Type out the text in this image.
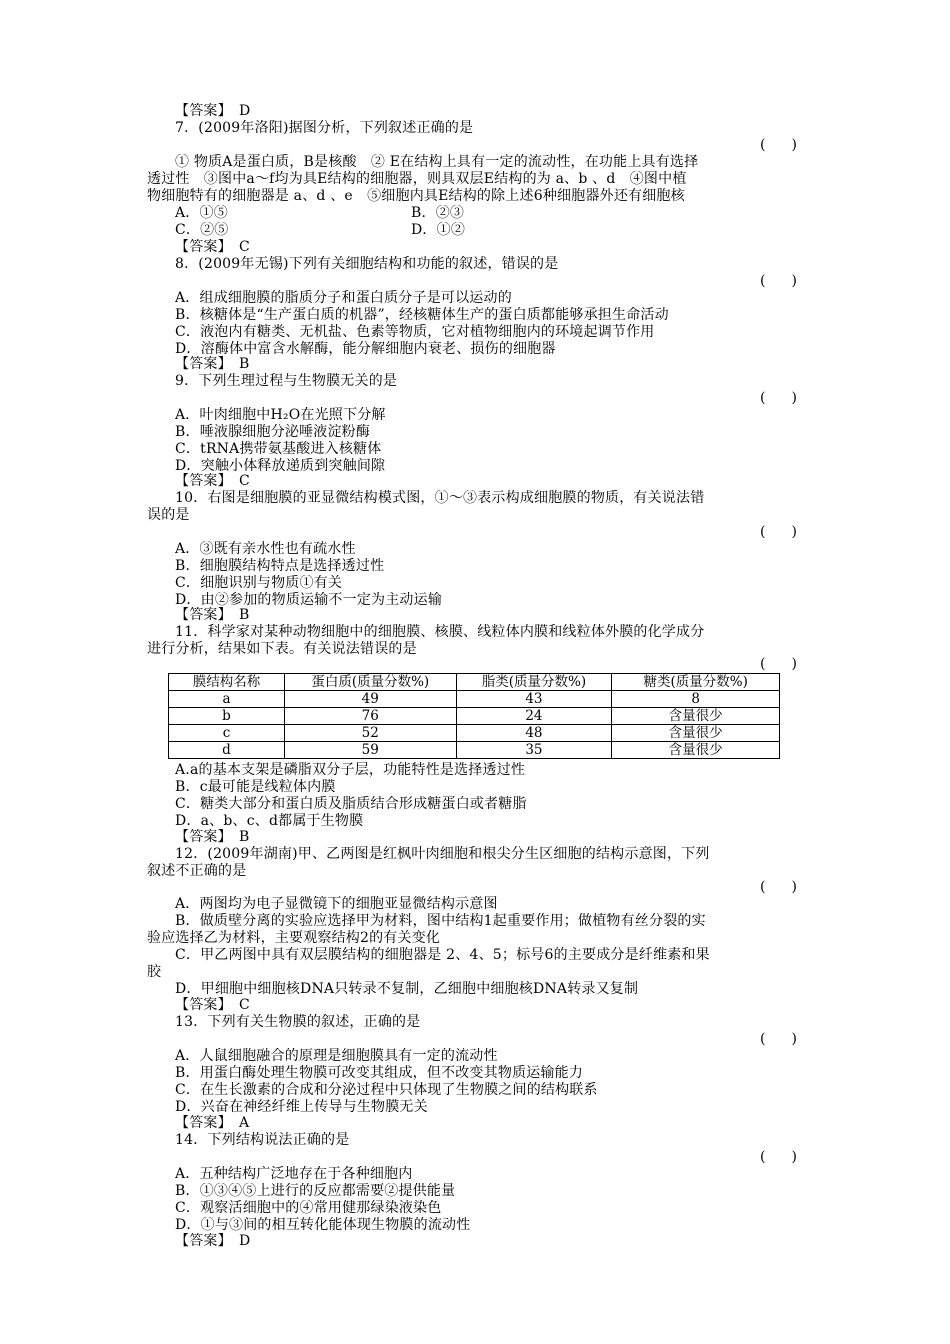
【答案】　D
7．(2009年洛阳)据图分析，下列叙述正确的是
(　)
① 物质A是蛋白质，B是核酸　② E在结构上具有一定的流动性，在功能上具有选择
透过性　③图中a～f均为具E结构的细胞器，则具双层E结构的为 a、b 、d　④图中植
物细胞特有的细胞器是 a、d 、e　⑤细胞内具E结构的除上述6种细胞器外还有细胞核
A．①⑤	B．②③
C．②⑤	D．①②
【答案】　C
8．(2009年无锡)下列有关细胞结构和功能的叙述，错误的是
(　)
A．组成细胞膜的脂质分子和蛋白质分子是可以运动的
B．核糖体是“生产蛋白质的机器”，经核糖体生产的蛋白质都能够承担生命活动
C．液泡内有糖类、无机盐、色素等物质，它对植物细胞内的环境起调节作用
D．溶酶体中富含水解酶，能分解细胞内衰老、损伤的细胞器
【答案】　B
9．下列生理过程与生物膜无关的是
(　)
A．叶肉细胞中H₂O在光照下分解
B．唾液腺细胞分泌唾液淀粉酶
C．tRNA携带氨基酸进入核糖体
D．突触小体释放递质到突触间隙
【答案】　C
10．右图是细胞膜的亚显微结构模式图，①～③表示构成细胞膜的物质，有关说法错
误的是
(　)
A．③既有亲水性也有疏水性
B．细胞膜结构特点是选择透过性
C．细胞识别与物质①有关
D．由②参加的物质运输不一定为主动运输
【答案】　B
11．科学家对某种动物细胞中的细胞膜、核膜、线粒体内膜和线粒体外膜的化学成分
进行分析，结果如下表。有关说法错误的是
(　)
膜结构名称	蛋白质(质量分数%)	脂类(质量分数%)	糖类(质量分数%)
a	49	43	8
b	76	24	含量很少
c	52	48	含量很少
d	59	35	含量很少
A.a的基本支架是磷脂双分子层，功能特性是选择透过性
B．c最可能是线粒体内膜
C．糖类大部分和蛋白质及脂质结合形成糖蛋白或者糖脂
D．a、b、c、d都属于生物膜
【答案】　B
12．(2009年湖南)甲、乙两图是红枫叶肉细胞和根尖分生区细胞的结构示意图，下列
叙述不正确的是
(　)
A．两图均为电子显微镜下的细胞亚显微结构示意图
B．做质壁分离的实验应选择甲为材料，图中结构1起重要作用；做植物有丝分裂的实
验应选择乙为材料，主要观察结构2的有关变化
C．甲乙两图中具有双层膜结构的细胞器是 2、4、5；标号6的主要成分是纤维素和果
胶
D．甲细胞中细胞核DNA只转录不复制，乙细胞中细胞核DNA转录又复制
【答案】　C
13．下列有关生物膜的叙述，正确的是
(　)
A．人鼠细胞融合的原理是细胞膜具有一定的流动性
B．用蛋白酶处理生物膜可改变其组成，但不改变其物质运输能力
C．在生长激素的合成和分泌过程中只体现了生物膜之间的结构联系
D．兴奋在神经纤维上传导与生物膜无关
【答案】　A
14．下列结构说法正确的是
(　)
A．五种结构广泛地存在于各种细胞内
B．①③④⑤上进行的反应都需要②提供能量
C．观察活细胞中的④常用健那绿染液染色
D．①与③间的相互转化能体现生物膜的流动性
【答案】　D
